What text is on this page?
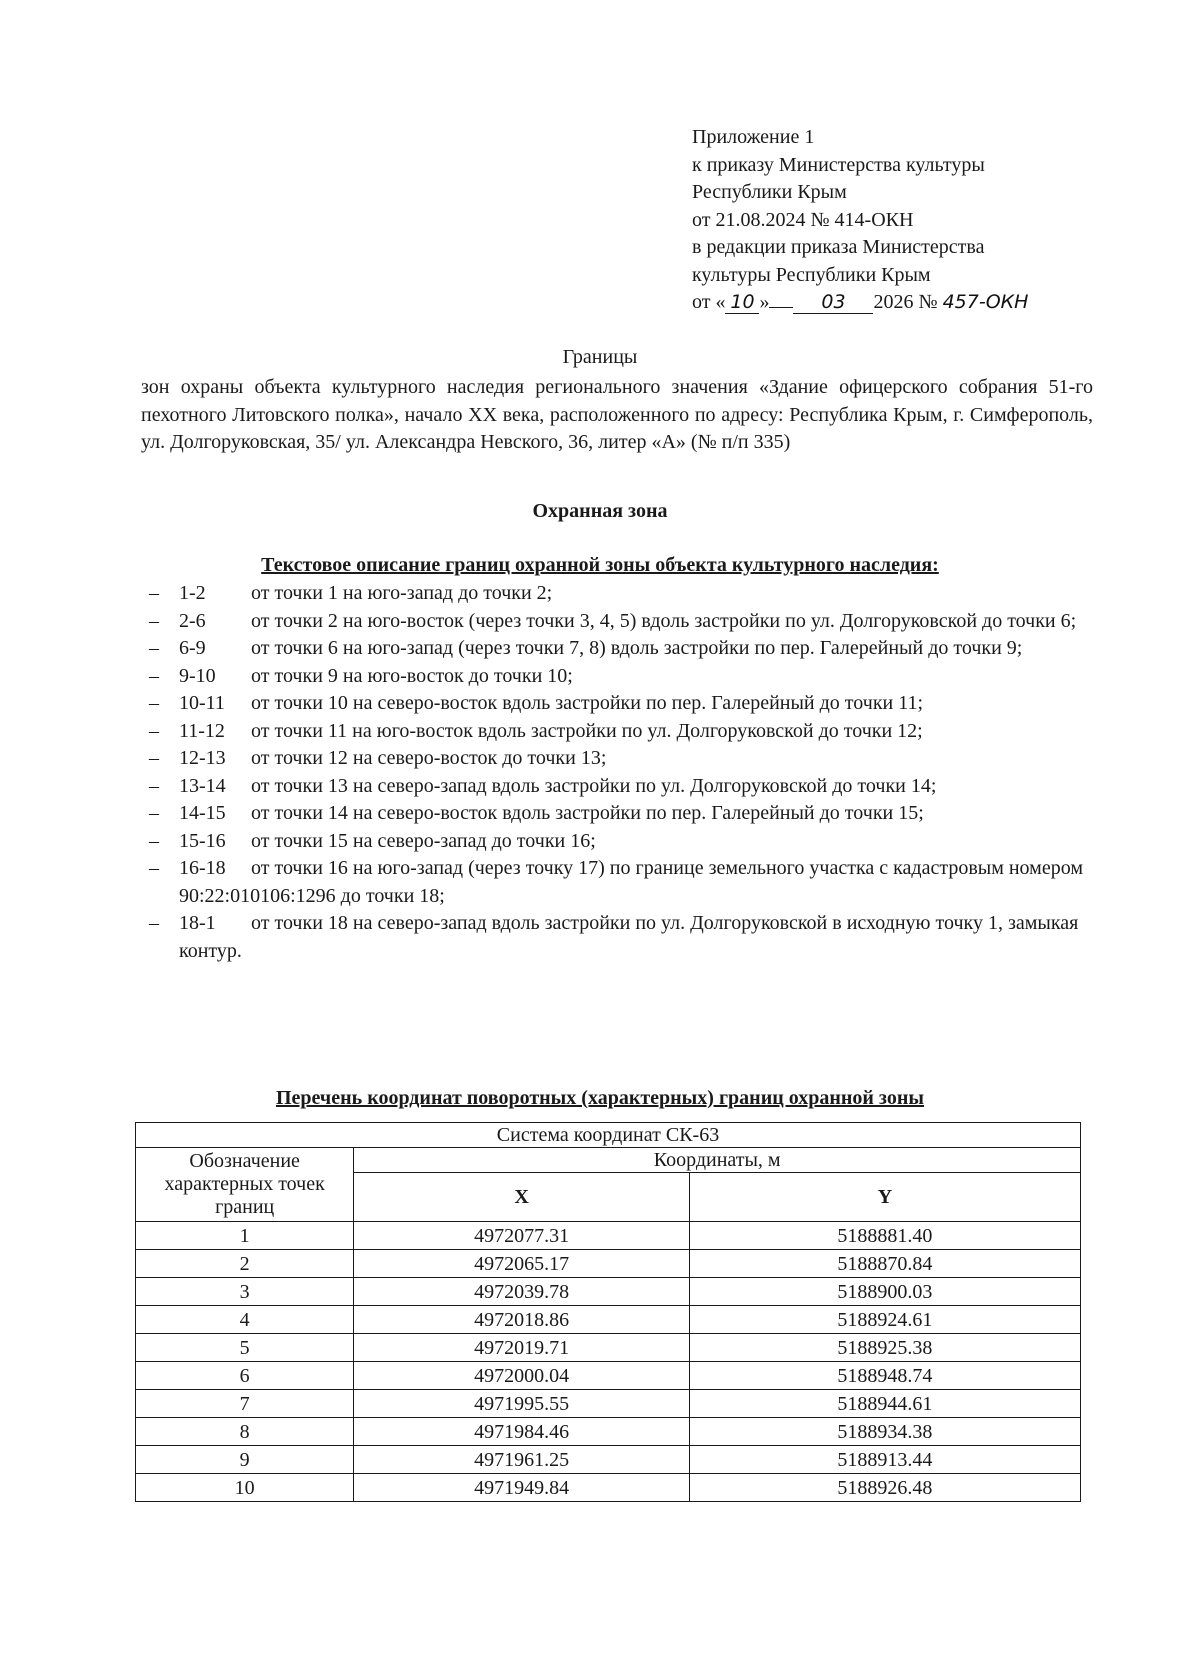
Приложение 1
к приказу Министерства культуры
Республики Крым
от 21.08.2024 № 414-ОКН
в редакции приказа Министерства
культуры Республики Крым
от « 10 »	03 2026 № 457-ОКН
Границы
зон охраны объекта культурного наследия регионального значения «Здание офицерского собрания 51-го пехотного Литовского полка», начало XX века, расположенного по адресу: Республика Крым, г. Симферополь, ул. Долгоруковская, 35/ ул. Александра Невского, 36, литер «А» (№ п/п 335)
Охранная зона
Текстовое описание границ охранной зоны объекта культурного наследия:
– 1-2 от точки 1 на юго-запад до точки 2;
– 2-6 от точки 2 на юго-восток (через точки 3, 4, 5) вдоль застройки по ул. Долгоруковской до точки 6;
– 6-9 от точки 6 на юго-запад (через точки 7, 8) вдоль застройки по пер. Галерейный до точки 9;
– 9-10 от точки 9 на юго-восток до точки 10;
– 10-11 от точки 10 на северо-восток вдоль застройки по пер. Галерейный до точки 11;
– 11-12 от точки 11 на юго-восток вдоль застройки по ул. Долгоруковской до точки 12;
– 12-13 от точки 12 на северо-восток до точки 13;
– 13-14 от точки 13 на северо-запад вдоль застройки по ул. Долгоруковской до точки 14;
– 14-15 от точки 14 на северо-восток вдоль застройки по пер. Галерейный до точки 15;
– 15-16 от точки 15 на северо-запад до точки 16;
– 16-18 от точки 16 на юго-запад (через точку 17) по границе земельного участка с кадастровым номером 90:22:010106:1296 до точки 18;
– 18-1 от точки 18 на северо-запад вдоль застройки по ул. Долгоруковской в исходную точку 1, замыкая контур.
Перечень координат поворотных (характерных) границ охранной зоны
Система координат СК-63		
Обозначение характерных точек границ	Координаты, м	
	X	Y
1	4972077.31	5188881.40
2	4972065.17	5188870.84
3	4972039.78	5188900.03
4	4972018.86	5188924.61
5	4972019.71	5188925.38
6	4972000.04	5188948.74
7	4971995.55	5188944.61
8	4971984.46	5188934.38
9	4971961.25	5188913.44
10	4971949.84	5188926.48
